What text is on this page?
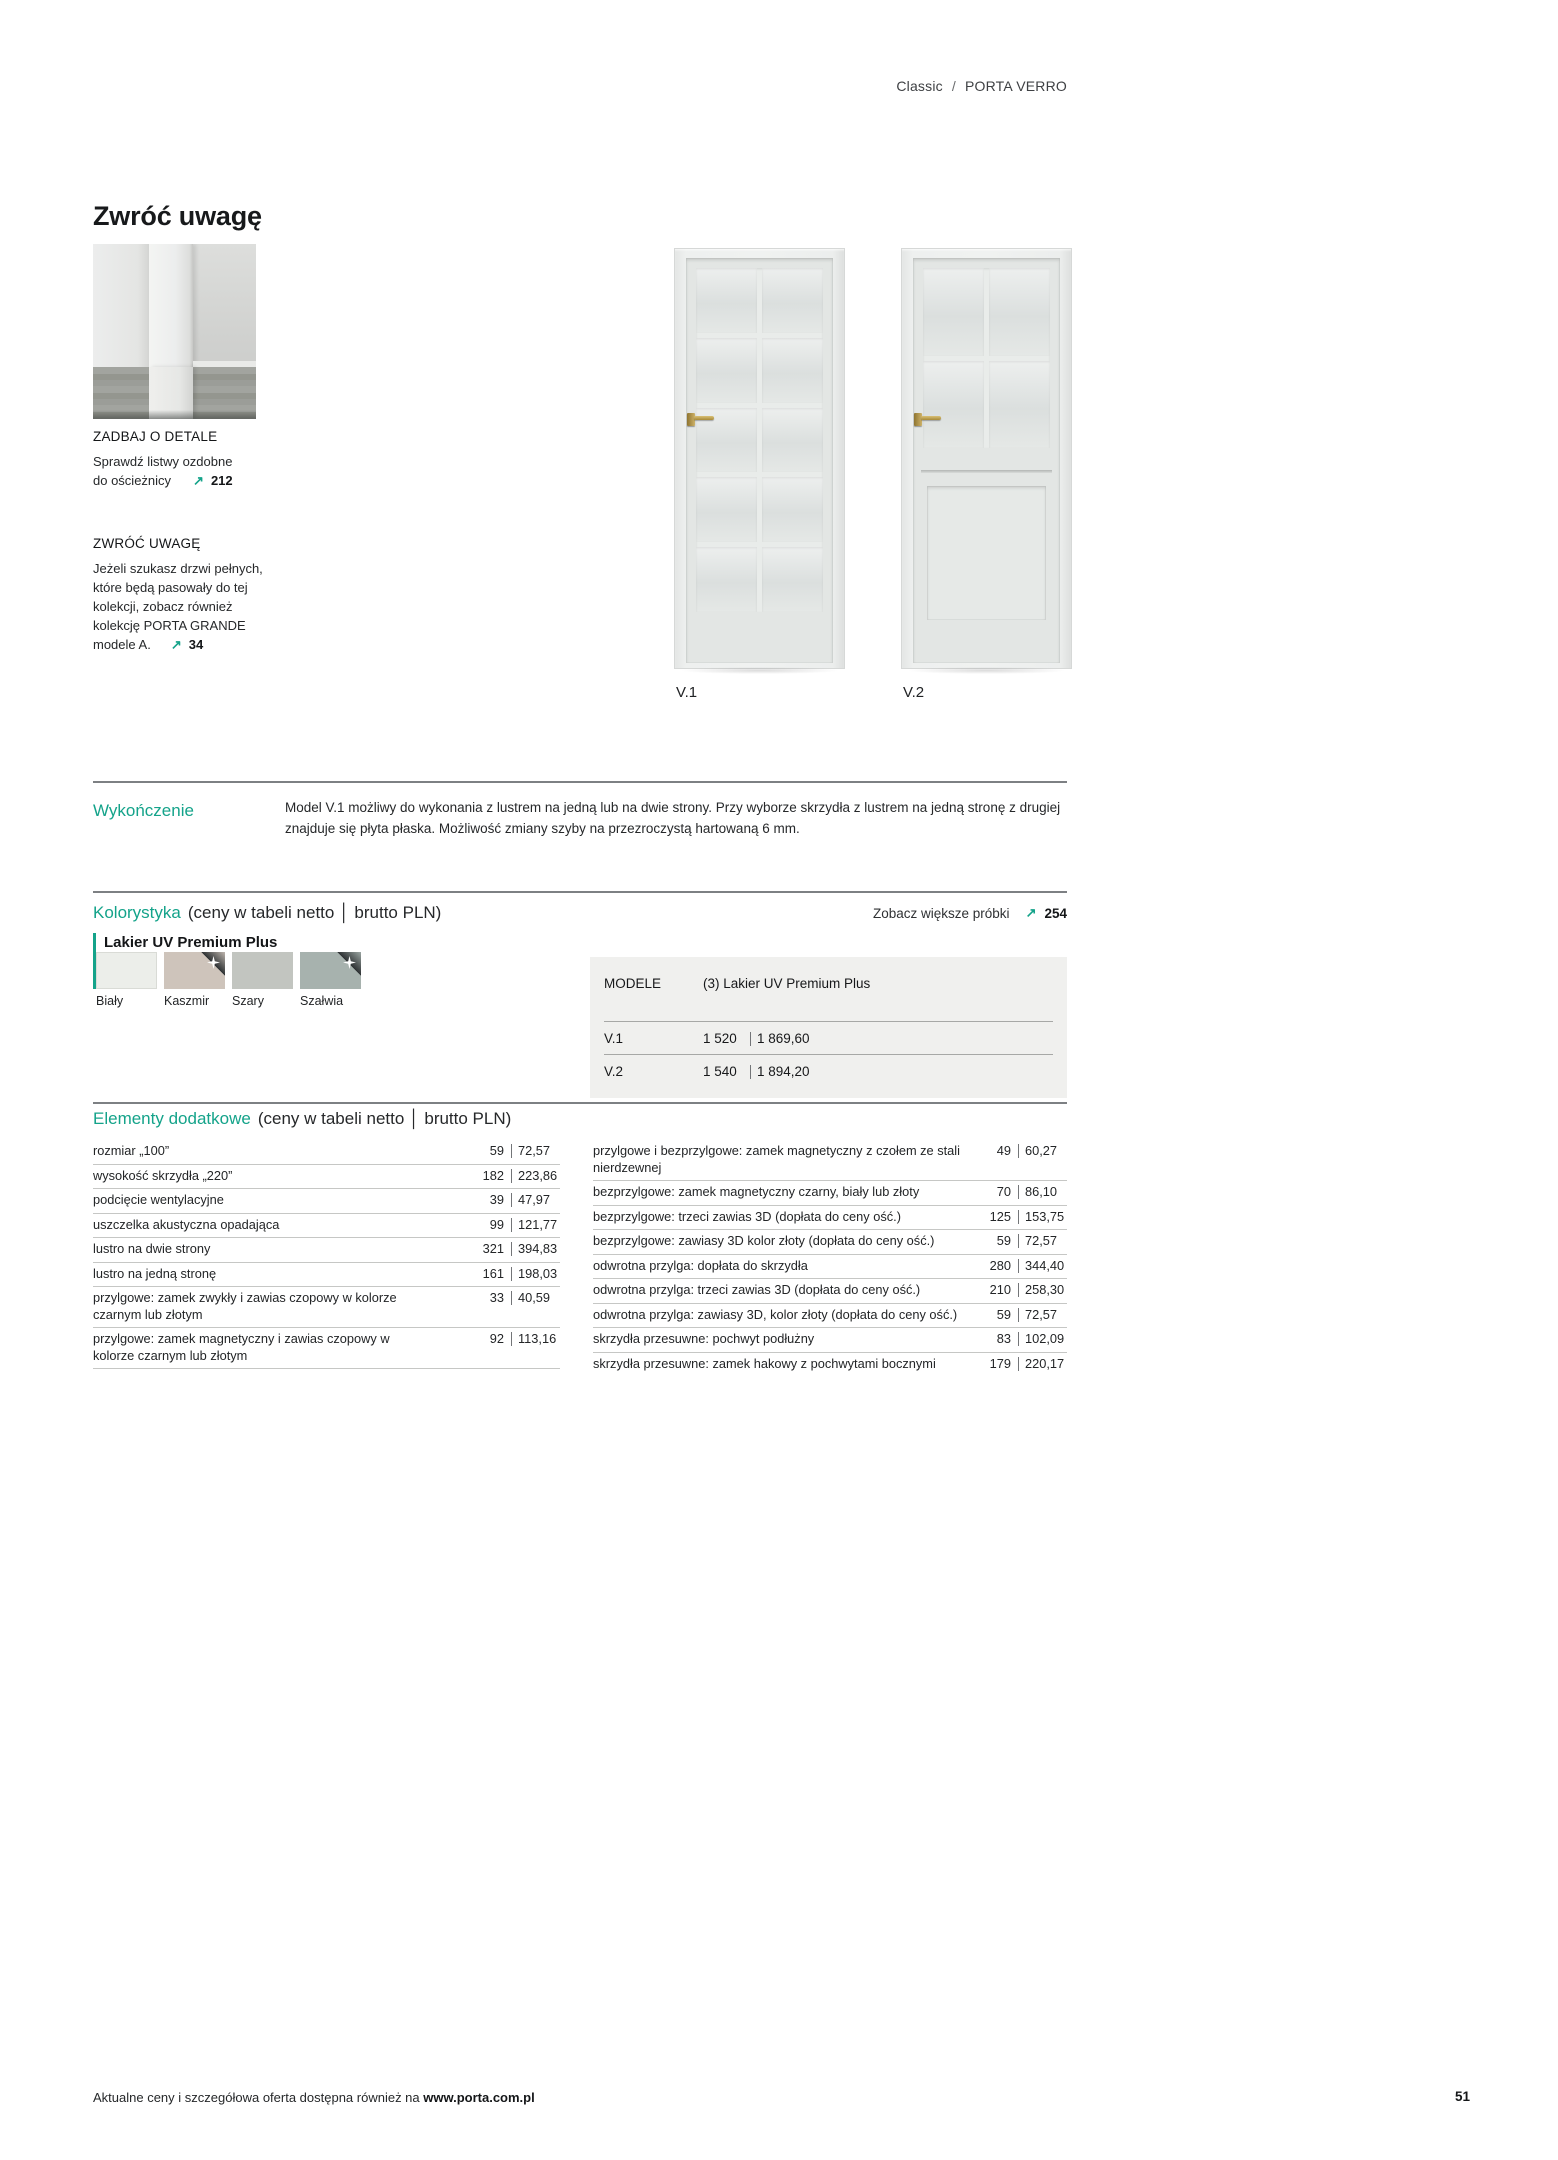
Classic / PORTA VERRO
Zwróć uwagę
ZADBAJ O DETALE
Sprawdź listwy ozdobne
do ościeżnicy ↗ 212
ZWRÓĆ UWAGĘ
Jeżeli szukasz drzwi pełnych,
które będą pasowały do tej
kolekcji, zobacz również
kolekcję PORTA GRANDE
modele A. ↗ 34
V.1	V.2
Wykończenie	Model V.1 możliwy do wykonania z lustrem na jedną lub na dwie strony. Przy wyborze skrzydła z lustrem na jedną stronę z drugiej znajduje się płyta płaska. Możliwość zmiany szyby na przezroczystą hartowaną 6 mm.
Kolorystyka (ceny w tabeli netto │ brutto PLN)	Zobacz większe próbki ↗ 254
Lakier UV Premium Plus
Biały	Kaszmir	Szary	Szałwia
MODELE	(3) Lakier UV Premium Plus
V.1	1 520	1 869,60
V.2	1 540	1 894,20
Elementy dodatkowe (ceny w tabeli netto │ brutto PLN)
rozmiar „100”	59 72,57
wysokość skrzydła „220”	182 223,86
podcięcie wentylacyjne	39 47,97
uszczelka akustyczna opadająca	99 121,77
lustro na dwie strony	321 394,83
lustro na jedną stronę	161 198,03
przylgowe: zamek zwykły i zawias czopowy w kolorze czarnym lub złotym
33 40,59
przylgowe: zamek magnetyczny i zawias czopowy w kolorze czarnym lub złotym
92 113,16
przylgowe i bezprzylgowe: zamek magnetyczny z czołem ze stali nierdzewnej
49 60,27
bezprzylgowe: zamek magnetyczny czarny, biały lub złoty	70 86,10
bezprzylgowe: trzeci zawias 3D (dopłata do ceny ość.)	125 153,75
bezprzylgowe: zawiasy 3D kolor złoty (dopłata do ceny ość.)	59 72,57
odwrotna przylga: dopłata do skrzydła	280 344,40
odwrotna przylga: trzeci zawias 3D (dopłata do ceny ość.)	210 258,30
odwrotna przylga: zawiasy 3D, kolor złoty (dopłata do ceny ość.)	59 72,57
skrzydła przesuwne: pochwyt podłużny	83 102,09
skrzydła przesuwne: zamek hakowy z pochwytami bocznymi	179 220,17
Aktualne ceny i szczegółowa oferta dostępna również na www.porta.com.pl	51
